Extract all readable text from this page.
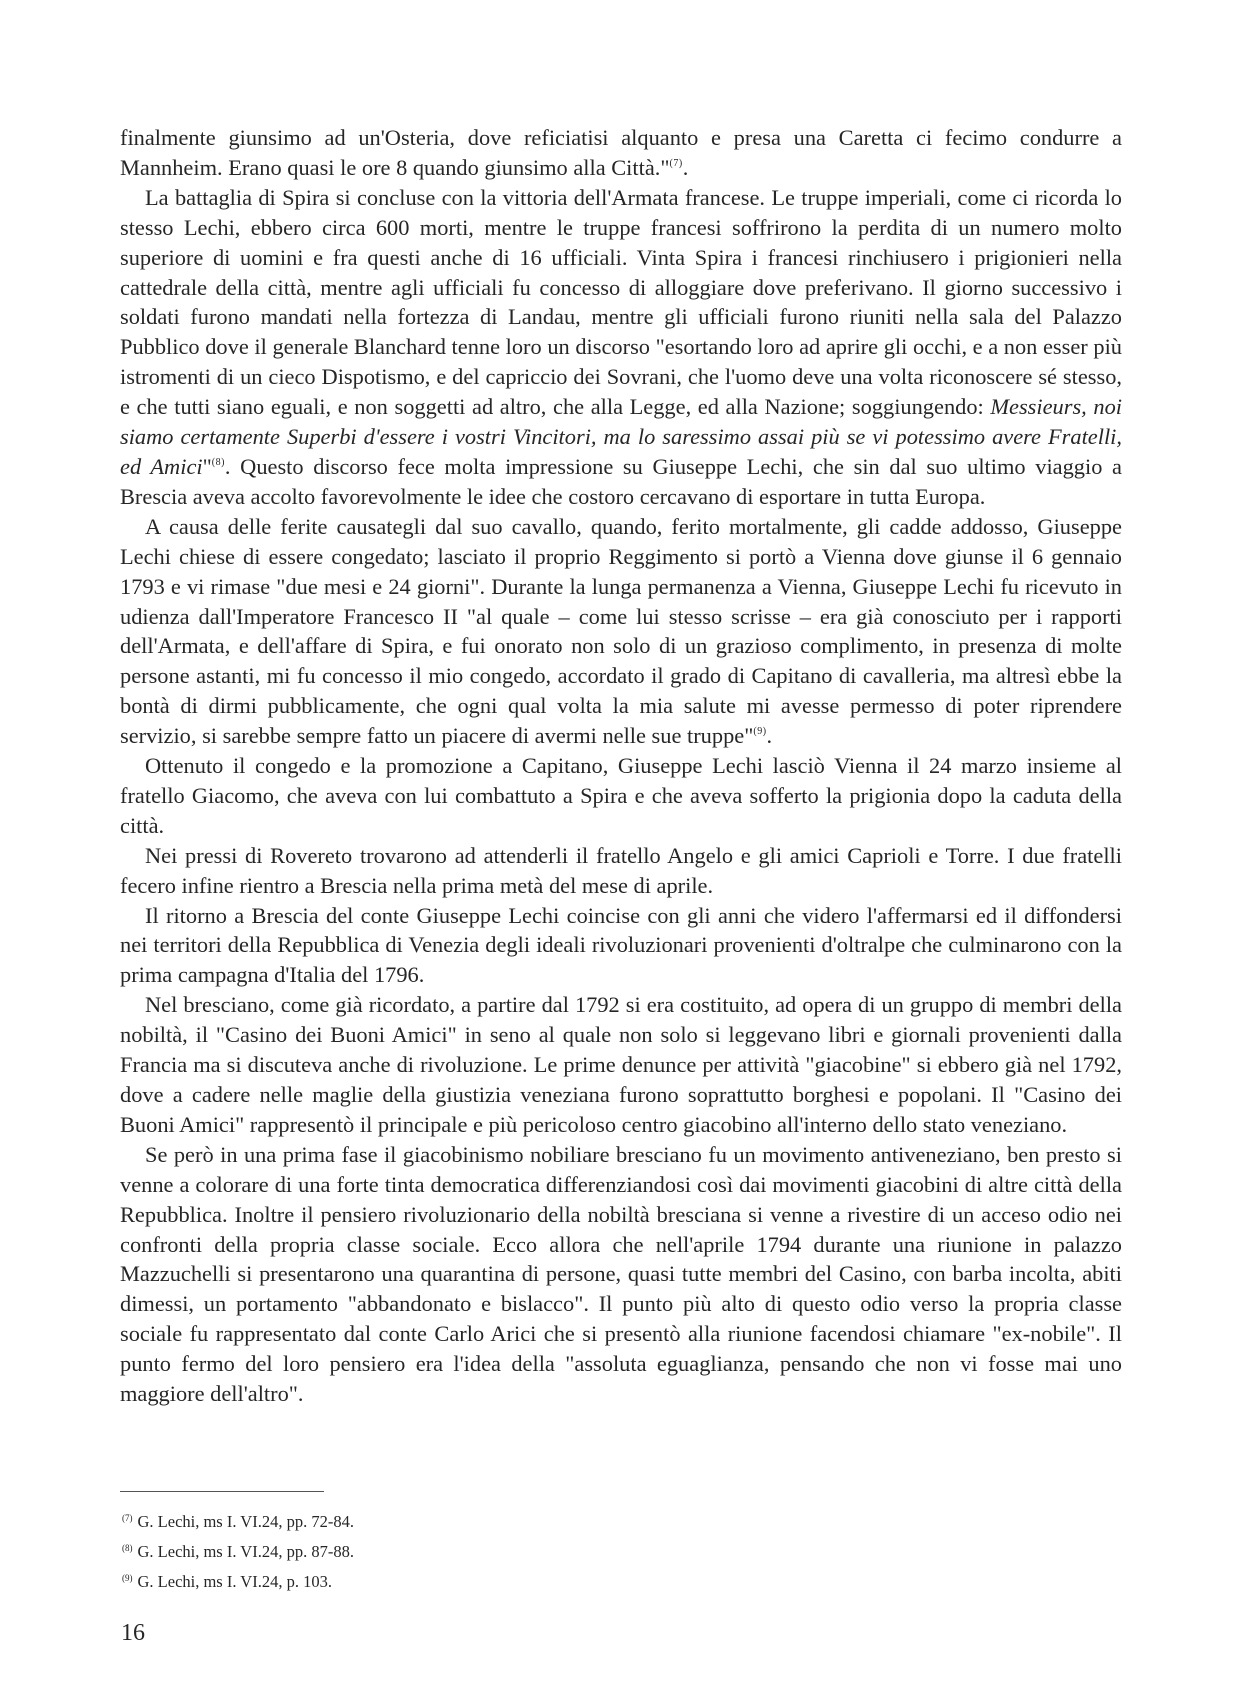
finalmente giunsimo ad un'Osteria, dove reficiatisi alquanto e presa una Caretta ci fecimo condurre a Mannheim. Erano quasi le ore 8 quando giunsimo alla Città."$^{(7)}$.

La battaglia di Spira si concluse con la vittoria dell'Armata francese. Le truppe imperiali, come ci ricorda lo stesso Lechi, ebbero circa 600 morti, mentre le truppe francesi soffrirono la perdita di un numero molto superiore di uomini e fra questi anche di 16 ufficiali. Vinta Spira i francesi rinchiusero i prigionieri nella cattedrale della città, mentre agli ufficiali fu concesso di alloggiare dove preferivano. Il giorno successivo i soldati furono mandati nella fortezza di Landau, mentre gli ufficiali furono riuniti nella sala del Palazzo Pubblico dove il generale Blanchard tenne loro un discorso "esortando loro ad aprire gli occhi, e a non esser più istromenti di un cieco Dispotismo, e del capriccio dei Sovrani, che l'uomo deve una volta riconoscere sé stesso, e che tutti siano eguali, e non soggetti ad altro, che alla Legge, ed alla Nazione; soggiungendo: Messieurs, noi siamo certamente Superbi d'essere i vostri Vincitori, ma lo saressimo assai più se vi potessimo avere Fratelli, ed Amici"$^{(8)}$. Questo discorso fece molta impressione su Giuseppe Lechi, che sin dal suo ultimo viaggio a Brescia aveva accolto favorevolmente le idee che costoro cercavano di esportare in tutta Europa.

A causa delle ferite causategli dal suo cavallo, quando, ferito mortalmente, gli cadde addosso, Giuseppe Lechi chiese di essere congedato; lasciato il proprio Reggimento si portò a Vienna dove giunse il 6 gennaio 1793 e vi rimase "due mesi e 24 giorni". Durante la lunga permanenza a Vienna, Giuseppe Lechi fu ricevuto in udienza dall'Imperatore Francesco II "al quale – come lui stesso scrisse – era già conosciuto per i rapporti dell'Armata, e dell'affare di Spira, e fui onorato non solo di un grazioso complimento, in presenza di molte persone astanti, mi fu concesso il mio congedo, accordato il grado di Capitano di cavalleria, ma altresì ebbe la bontà di dirmi pubblicamente, che ogni qual volta la mia salute mi avesse permesso di poter riprendere servizio, si sarebbe sempre fatto un piacere di avermi nelle sue truppe"$^{(9)}$.

Ottenuto il congedo e la promozione a Capitano, Giuseppe Lechi lasciò Vienna il 24 marzo insieme al fratello Giacomo, che aveva con lui combattuto a Spira e che aveva sofferto la prigionia dopo la caduta della città.

Nei pressi di Rovereto trovarono ad attenderli il fratello Angelo e gli amici Caprioli e Torre. I due fratelli fecero infine rientro a Brescia nella prima metà del mese di aprile.

Il ritorno a Brescia del conte Giuseppe Lechi coincise con gli anni che videro l'affermarsi ed il diffondersi nei territori della Repubblica di Venezia degli ideali rivoluzionari provenienti d'oltralpe che culminarono con la prima campagna d'Italia del 1796.

Nel bresciano, come già ricordato, a partire dal 1792 si era costituito, ad opera di un gruppo di membri della nobiltà, il "Casino dei Buoni Amici" in seno al quale non solo si leggevano libri e giornali provenienti dalla Francia ma si discuteva anche di rivoluzione. Le prime denunce per attività "giacobine" si ebbero già nel 1792, dove a cadere nelle maglie della giustizia veneziana furono soprattutto borghesi e popolani. Il "Casino dei Buoni Amici" rappresentò il principale e più pericoloso centro giacobino all'interno dello stato veneziano.

Se però in una prima fase il giacobinismo nobiliare bresciano fu un movimento antiveneziano, ben presto si venne a colorare di una forte tinta democratica differenziandosi così dai movimenti giacobini di altre città della Repubblica. Inoltre il pensiero rivoluzionario della nobiltà bresciana si venne a rivestire di un acceso odio nei confronti della propria classe sociale. Ecco allora che nell'aprile 1794 durante una riunione in palazzo Mazzuchelli si presentarono una quarantina di persone, quasi tutte membri del Casino, con barba incolta, abiti dimessi, un portamento "abbandonato e bislacco". Il punto più alto di questo odio verso la propria classe sociale fu rappresentato dal conte Carlo Arici che si presentò alla riunione facendosi chiamare "ex-nobile". Il punto fermo del loro pensiero era l'idea della "assoluta eguaglianza, pensando che non vi fosse mai uno maggiore dell'altro".

$^{(7)}$ G. Lechi, ms I. VI.24, pp. 72-84.
$^{(8)}$ G. Lechi, ms I. VI.24, pp. 87-88.
$^{(9)}$ G. Lechi, ms I. VI.24, p. 103.
16
